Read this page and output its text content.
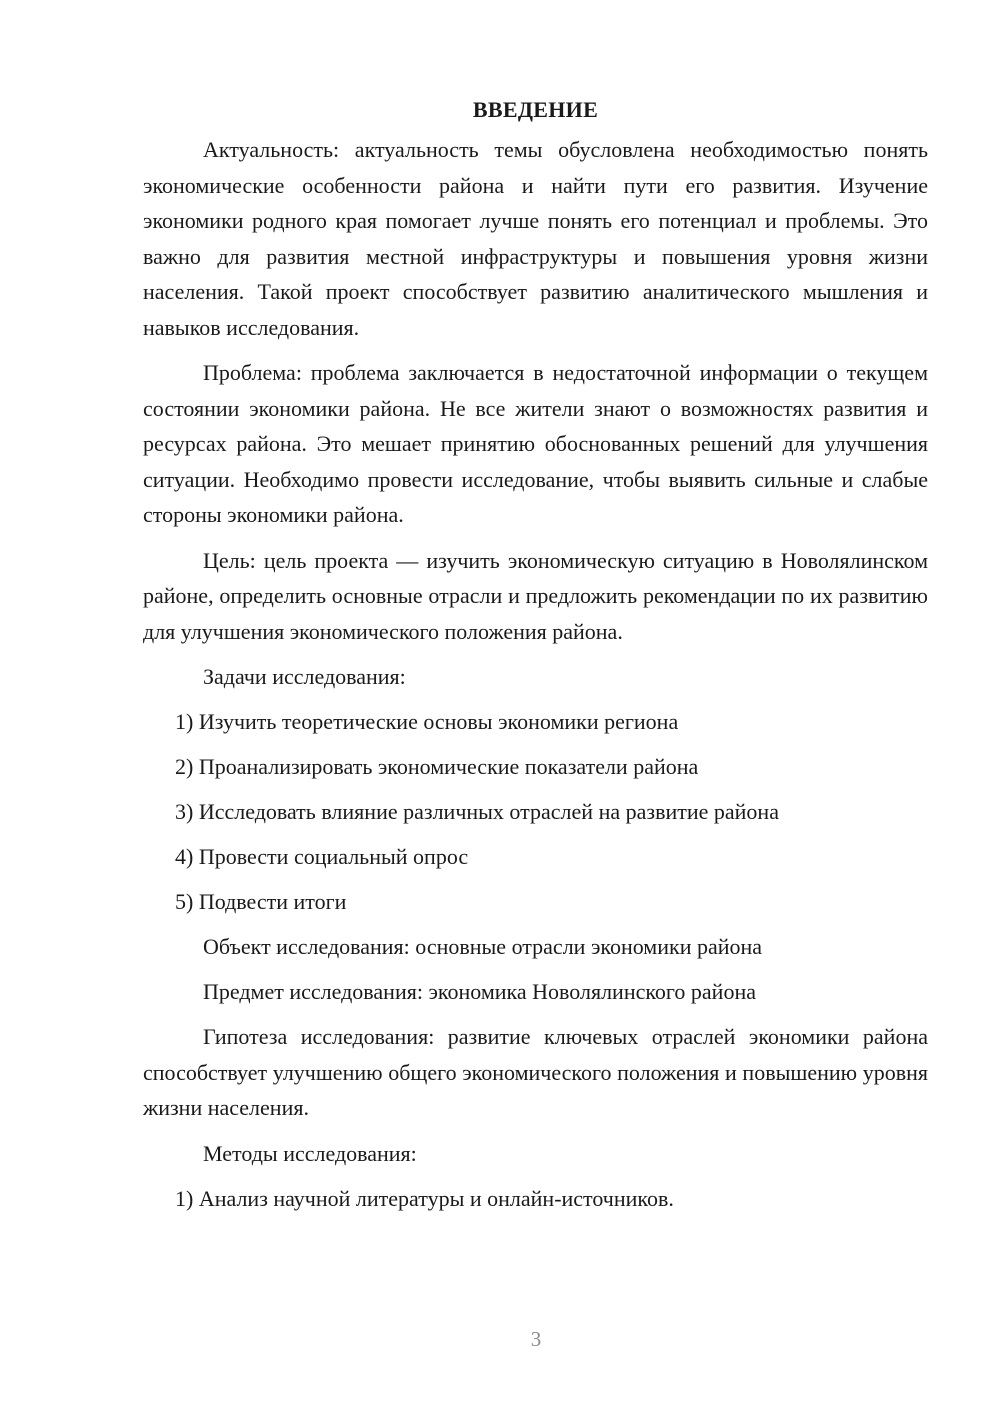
ВВЕДЕНИЕ

Актуальность: актуальность темы обусловлена необходимостью понять экономические особенности района и найти пути его развития. Изучение экономики родного края помогает лучше понять его потенциал и проблемы. Это важно для развития местной инфраструктуры и повышения уровня жизни населения. Такой проект способствует развитию аналитического мышления и навыков исследования.

Проблема: проблема заключается в недостаточной информации о текущем состоянии экономики района. Не все жители знают о возможностях развития и ресурсах района. Это мешает принятию обоснованных решений для улучшения ситуации. Необходимо провести исследование, чтобы выявить сильные и слабые стороны экономики района.

Цель: цель проекта — изучить экономическую ситуацию в Новолялинском районе, определить основные отрасли и предложить рекомендации по их развитию для улучшения экономического положения района.

Задачи исследования:

1) Изучить теоретические основы экономики региона

2) Проанализировать экономические показатели района

3) Исследовать влияние различных отраслей на развитие района

4) Провести социальный опрос

5) Подвести итоги

Объект исследования: основные отрасли экономики района

Предмет исследования: экономика Новолялинского района

Гипотеза исследования: развитие ключевых отраслей экономики района способствует улучшению общего экономического положения и повышению уровня жизни населения.

Методы исследования:

1) Анализ научной литературы и онлайн-источников.

3
